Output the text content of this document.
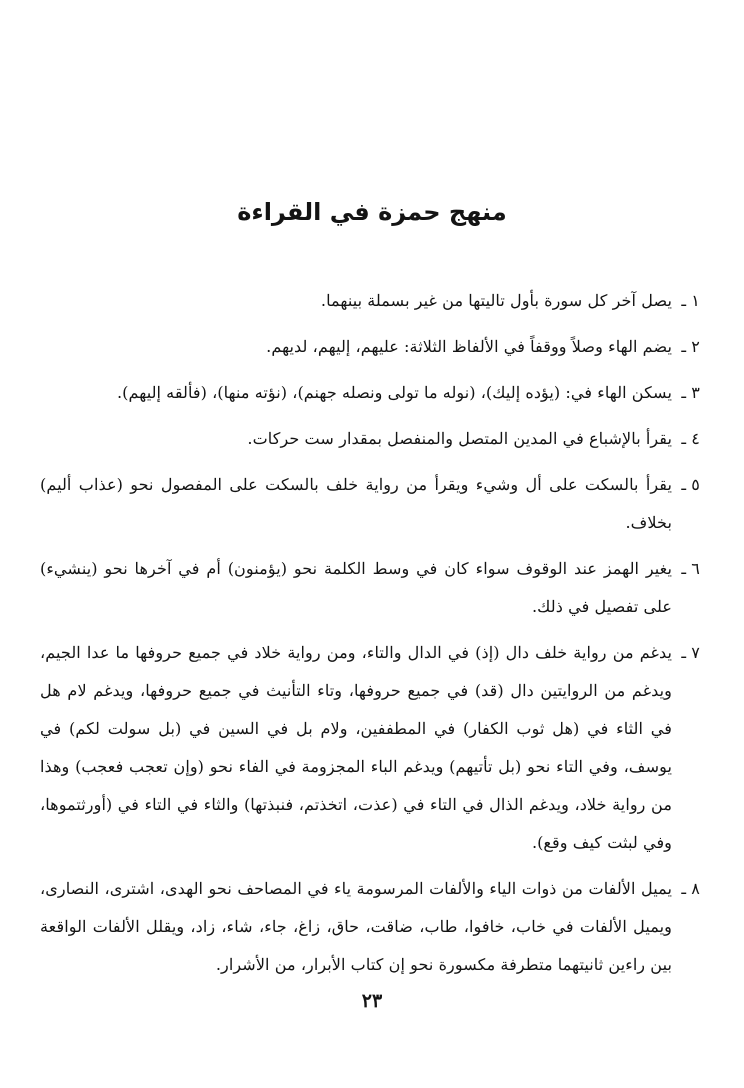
منهج حمزة في القراءة
١ ـيصل آخر كل سورة بأول تاليتها من غير بسملة بينهما.
٢ ـيضم الهاء وصلاً ووقفاً في الألفاظ الثلاثة: عليهم، إليهم، لديهم.
٣ ـيسكن الهاء في: (يؤده إليك)، (نوله ما تولى ونصله جهنم)، (نؤته منها)، (فألقه إليهم).
٤ ـيقرأ بالإشباع في المدين المتصل والمنفصل بمقدار ست حركات.
٥ ـيقرأ بالسكت على أل وشيء ويقرأ من رواية خلف بالسكت على المفصول نحو (عذاب أليم) بخلاف.
٦ ـيغير الهمز عند الوقوف سواء كان في وسط الكلمة نحو (يؤمنون) أم في آخرها نحو (ينشيء) على تفصيل في ذلك.
٧ ـيدغم من رواية خلف دال (إذ) في الدال والتاء، ومن رواية خلاد في جميع حروفها ما عدا الجيم، ويدغم من الروايتين دال (قد) في جميع حروفها، وتاء التأنيث في جميع حروفها، ويدغم لام هل في الثاء في (هل ثوب الكفار) في المطففين، ولام بل في السين في (بل سولت لكم) في يوسف، وفي التاء نحو (بل تأتيهم) ويدغم الباء المجزومة في الفاء نحو (وإن تعجب فعجب) وهذا من رواية خلاد، ويدغم الذال في التاء في (عذت، اتخذتم، فنبذتها) والثاء في التاء في (أورثتموها، وفي لبثت كيف وقع).
٨ ـيميل الألفات من ذوات الياء والألفات المرسومة ياء في المصاحف نحو الهدى، اشترى، النصارى، ويميل الألفات في خاب، خافوا، طاب، ضاقت، حاق، زاغ، جاء، شاء، زاد، ويقلل الألفات الواقعة بين راءين ثانيتهما متطرفة مكسورة نحو إن كتاب الأبرار، من الأشرار.
٢٣
